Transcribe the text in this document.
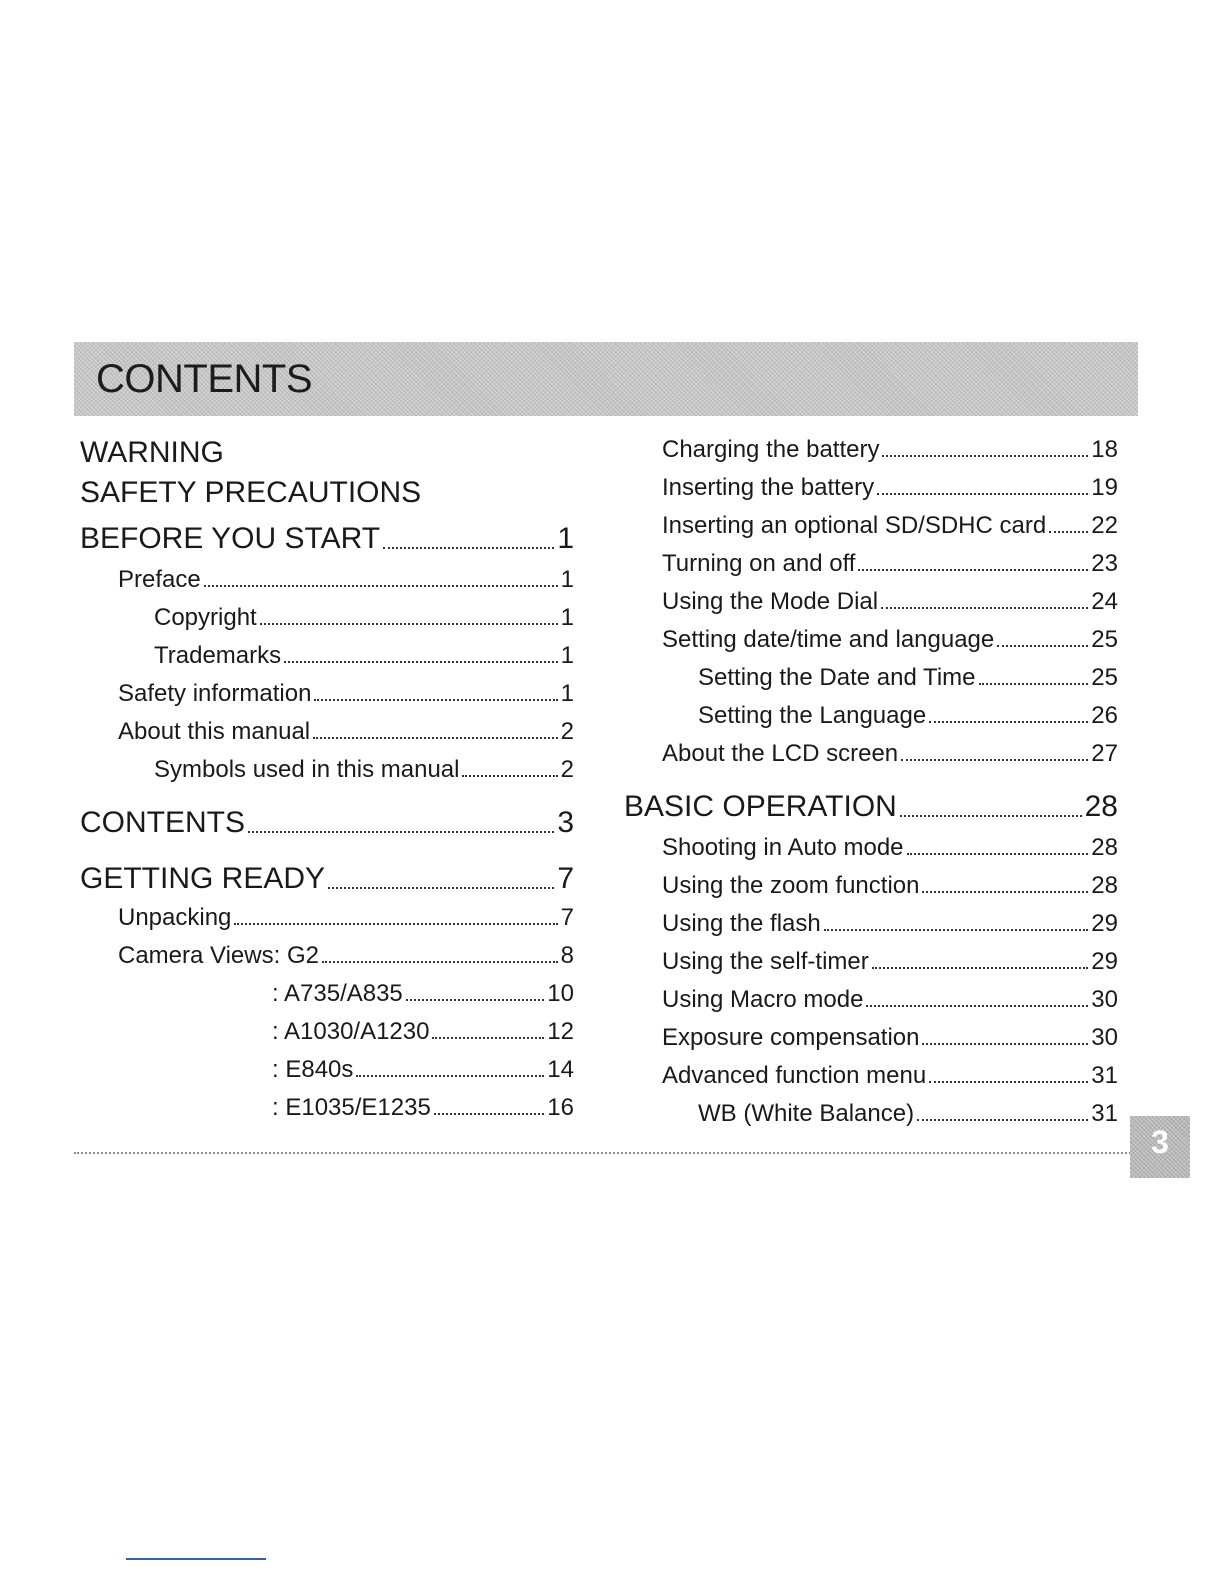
CONTENTS
WARNING
SAFETY PRECAUTIONS
BEFORE YOU START	1
Preface	1
Copyright	1
Trademarks	1
Safety information	1
About this manual	2
Symbols used in this manual	2
CONTENTS	3
GETTING READY	7
Unpacking	7
Camera Views: G2	8
: A735/A835	10
: A1030/A1230	12
: E840s	14
: E1035/E1235	16
Charging the battery	18
Inserting the battery	19
Inserting an optional SD/SDHC card 22
Turning on and off	23
Using the Mode Dial	24
Setting date/time and language	25
Setting the Date and Time	25
Setting the Language	26
About the LCD screen	27
BASIC OPERATION	28
Shooting in Auto mode	28
Using the zoom function	28
Using the flash	29
Using the self-timer	29
Using Macro mode	30
Exposure compensation	30
Advanced function menu	31
WB (White Balance)	31
3
